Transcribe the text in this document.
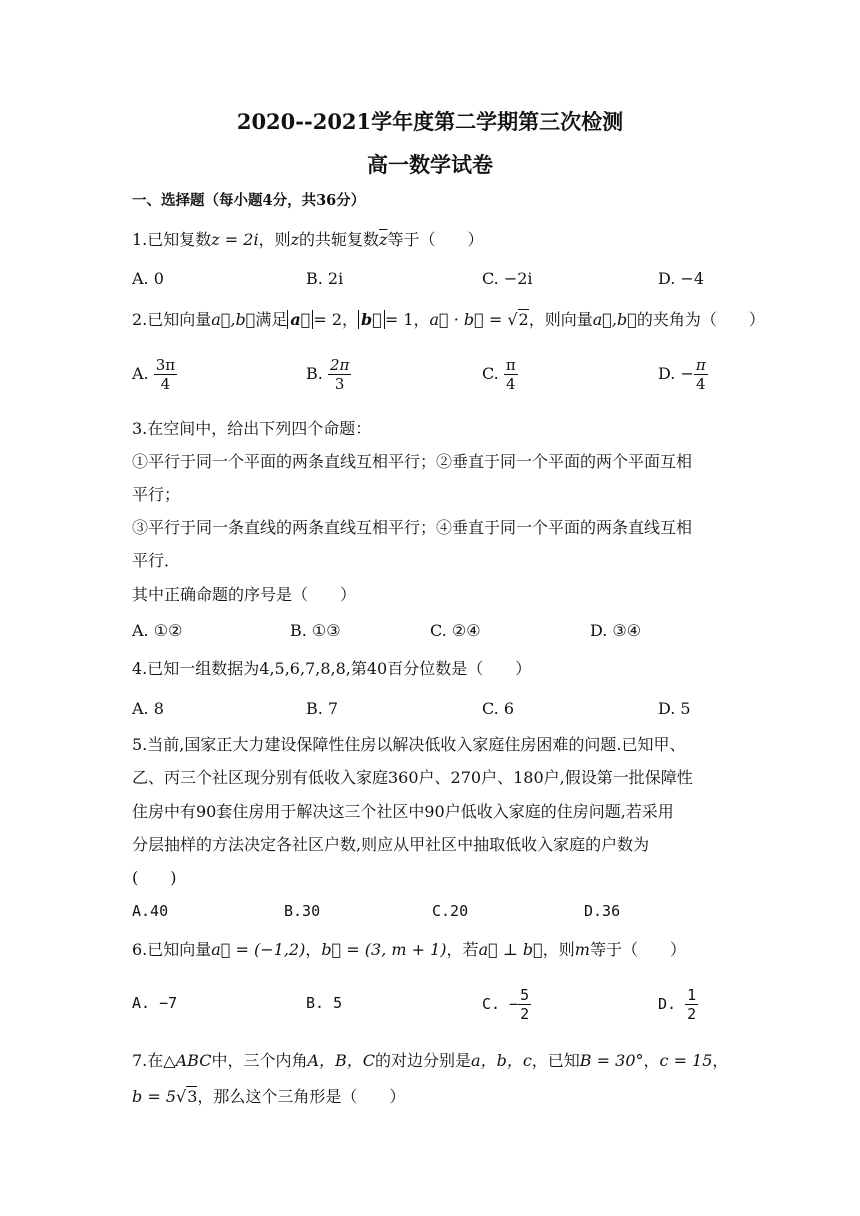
2020--2021学年度第二学期第三次检测
高一数学试卷
一、选择题（每小题4分，共36分）
1.已知复数z = 2i，则z的共轭复数$\overline{z}$等于（　　）
A. 0	B. 2i	C. −2i	D. −4
2.已知向量a⃗,b⃗满足 a⃗ = 2， b⃗ = 1，a⃗ · b⃗ = √2，则向量a⃗,b⃗的夹角为（　　）
A. $\frac{3\pi}{4}$	B. $\frac{2\pi}{3}$	C. $\frac{\pi}{4}$	D. − $\frac{\pi}{4}$
3.在空间中，给出下列四个命题：
①平行于同一个平面的两条直线互相平行；②垂直于同一个平面的两个平面互相
平行；
③平行于同一条直线的两条直线互相平行；④垂直于同一个平面的两条直线互相
平行．
其中正确命题的序号是（　　）
A. ①②	B. ①③	C. ②④	D. ③④
4.已知一组数据为4,5,6,7,8,8,第40百分位数是（　　）
A. 8	B. 7	C. 6	D. 5
5.当前,国家正大力建设保障性住房以解决低收入家庭住房困难的问题.已知甲、
乙、丙三个社区现分别有低收入家庭360户、270户、180户,假设第一批保障性
住房中有90套住房用于解决这三个社区中90户低收入家庭的住房问题,若采用
分层抽样的方法决定各社区户数,则应从甲社区中抽取低收入家庭的户数为
(　　)
A.40	B.30	C.20	D.36
6.已知向量a⃗ = (−1,2)，b⃗ = (3, m + 1)，若a⃗ ⊥ b⃗，则m等于（　　）
A. −7	B. 5	C. − $\frac{5}{2}$	D. $\frac{1}{2}$
7.在△ABC中，三个内角A，B，C的对边分别是a，b，c，已知B = 30°，c = 15，
b = 5√3，那么这个三角形是（　　）
